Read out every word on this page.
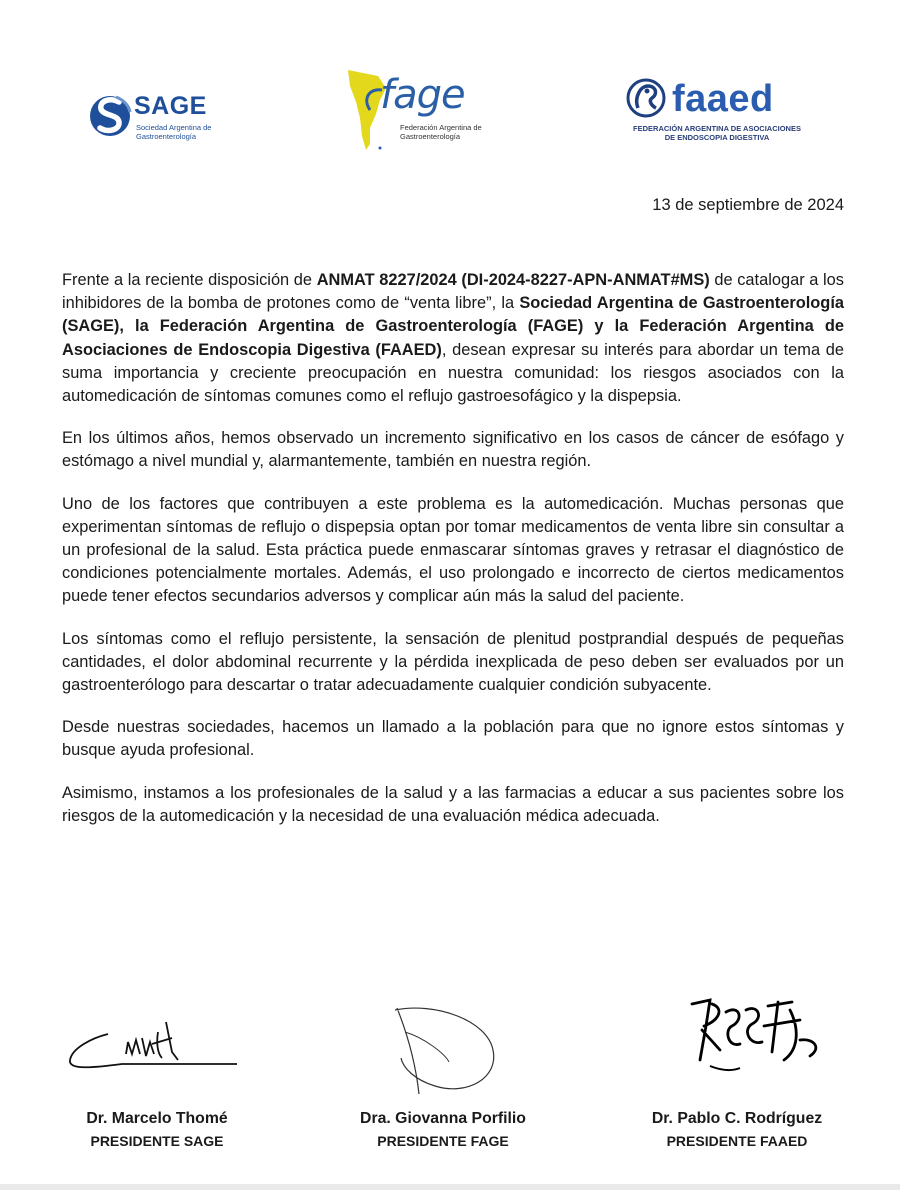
SAGE
Sociedad Argentina de Gastroenterología
fage
Federación Argentina de Gastroenterología
faaed
FEDERACIÓN ARGENTINA DE ASOCIACIONES DE ENDOSCOPIA DIGESTIVA
13 de septiembre de 2024

Frente a la reciente disposición de ANMAT 8227/2024 (DI-2024-8227-APN-ANMAT#MS) de catalogar a los inhibidores de la bomba de protones como de “venta libre”, la Sociedad Argentina de Gastroenterología (SAGE), la Federación Argentina de Gastroenterología (FAGE) y la Federación Argentina de Asociaciones de Endoscopia Digestiva (FAAED), desean expresar su interés para abordar un tema de suma importancia y creciente preocupación en nuestra comunidad: los riesgos asociados con la automedicación de síntomas comunes como el reflujo gastroesofágico y la dispepsia.

En los últimos años, hemos observado un incremento significativo en los casos de cáncer de esófago y estómago a nivel mundial y, alarmantemente, también en nuestra región.

Uno de los factores que contribuyen a este problema es la automedicación. Muchas personas que experimentan síntomas de reflujo o dispepsia optan por tomar medicamentos de venta libre sin consultar a un profesional de la salud. Esta práctica puede enmascarar síntomas graves y retrasar el diagnóstico de condiciones potencialmente mortales. Además, el uso prolongado e incorrecto de ciertos medicamentos puede tener efectos secundarios adversos y complicar aún más la salud del paciente.

Los síntomas como el reflujo persistente, la sensación de plenitud postprandial después de pequeñas cantidades, el dolor abdominal recurrente y la pérdida inexplicada de peso deben ser evaluados por un gastroenterólogo para descartar o tratar adecuadamente cualquier condición subyacente.

Desde nuestras sociedades, hacemos un llamado a la población para que no ignore estos síntomas y busque ayuda profesional.

Asimismo, instamos a los profesionales de la salud y a las farmacias a educar a sus pacientes sobre los riesgos de la automedicación y la necesidad de una evaluación médica adecuada.

Dr. Marcelo Thomé
PRESIDENTE SAGE
Dra. Giovanna Porfilio
PRESIDENTE FAGE
Dr. Pablo C. Rodríguez
PRESIDENTE FAAED
